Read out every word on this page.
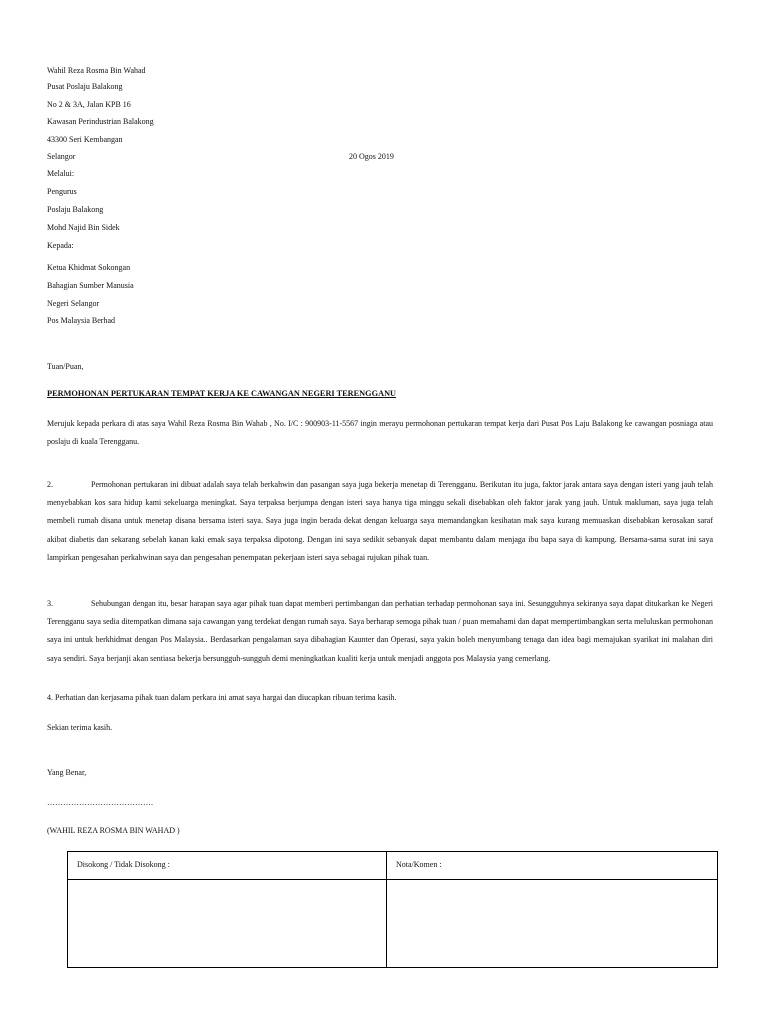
Wahil Reza Rosma Bin Wahad
Pusat Poslaju Balakong
No 2 & 3A, Jalan KPB 16
Kawasan Perindustrian Balakong
43300 Seri Kembangan
Selangor	20 Ogos 2019
Melalui:
Pengurus
Poslaju Balakong
Mohd Najid Bin Sidek
Kepada:
Ketua Khidmat Sokongan
Bahagian Sumber Manusia
Negeri Selangor
Pos Malaysia Berhad
Tuan/Puan,
PERMOHONAN PERTUKARAN TEMPAT KERJA KE CAWANGAN NEGERI TERENGGANU
Merujuk kepada perkara di atas saya Wahil Reza Rosma Bin Wahab , No. I/C : 900903-11-5567 ingin merayu permohonan pertukaran tempat kerja dari Pusat Pos Laju Balakong ke cawangan posniaga atau poslaju di kuala Terengganu.
2.	Permohonan pertukaran ini dibuat adalah saya telah berkahwin dan pasangan saya juga bekerja menetap di Terengganu. Berikutan itu juga, faktor jarak antara saya dengan isteri yang jauh telah menyebabkan kos sara hidup kami sekeluarga meningkat. Saya terpaksa berjumpa dengan isteri saya hanya tiga minggu sekali disebabkan oleh faktor jarak yang jauh. Untuk makluman, saya juga telah membeli rumah disana untuk menetap disana bersama isteri saya. Saya juga ingin berada dekat dengan keluarga saya memandangkan kesihatan mak saya kurang memuaskan disebabkan kerosakan saraf akibat diabetis dan sekarang sebelah kanan kaki emak saya terpaksa dipotong. Dengan ini saya sedikit sebanyak dapat membantu dalam menjaga ibu bapa saya di kampung. Bersama-sama surat ini saya lampirkan pengesahan perkahwinan saya dan pengesahan penempatan pekerjaan isteri saya sebagai rujukan pihak tuan.
3.	Sehubungan dengan itu, besar harapan saya agar pihak tuan dapat memberi pertimbangan dan perhatian terhadap permohonan saya ini. Sesungguhnya sekiranya saya dapat ditukarkan ke Negeri Terengganu saya sedia ditempatkan dimana saja cawangan yang terdekat dengan rumah saya. Saya berharap semoga pihak tuan / puan memahami dan dapat mempertimbangkan serta meluluskan permohonan saya ini untuk berkhidmat dengan Pos Malaysia.. Berdasarkan pengalaman saya dibahagian Kaunter dan Operasi, saya yakin boleh menyumbang tenaga dan idea bagi memajukan syarikat ini malahan diri saya sendiri. Saya berjanji akan sentiasa bekerja bersungguh-sungguh demi meningkatkan kualiti kerja untuk menjadi anggota pos Malaysia yang cemerlang.
4. Perhatian dan kerjasama pihak tuan dalam perkara ini amat saya hargai dan diucapkan ribuan terima kasih.
Sekian terima kasih.
Yang Benar,
………………………………….
(WAHIL REZA ROSMA BIN WAHAD )
Disokong / Tidak Disokong :	Nota/Komen :
